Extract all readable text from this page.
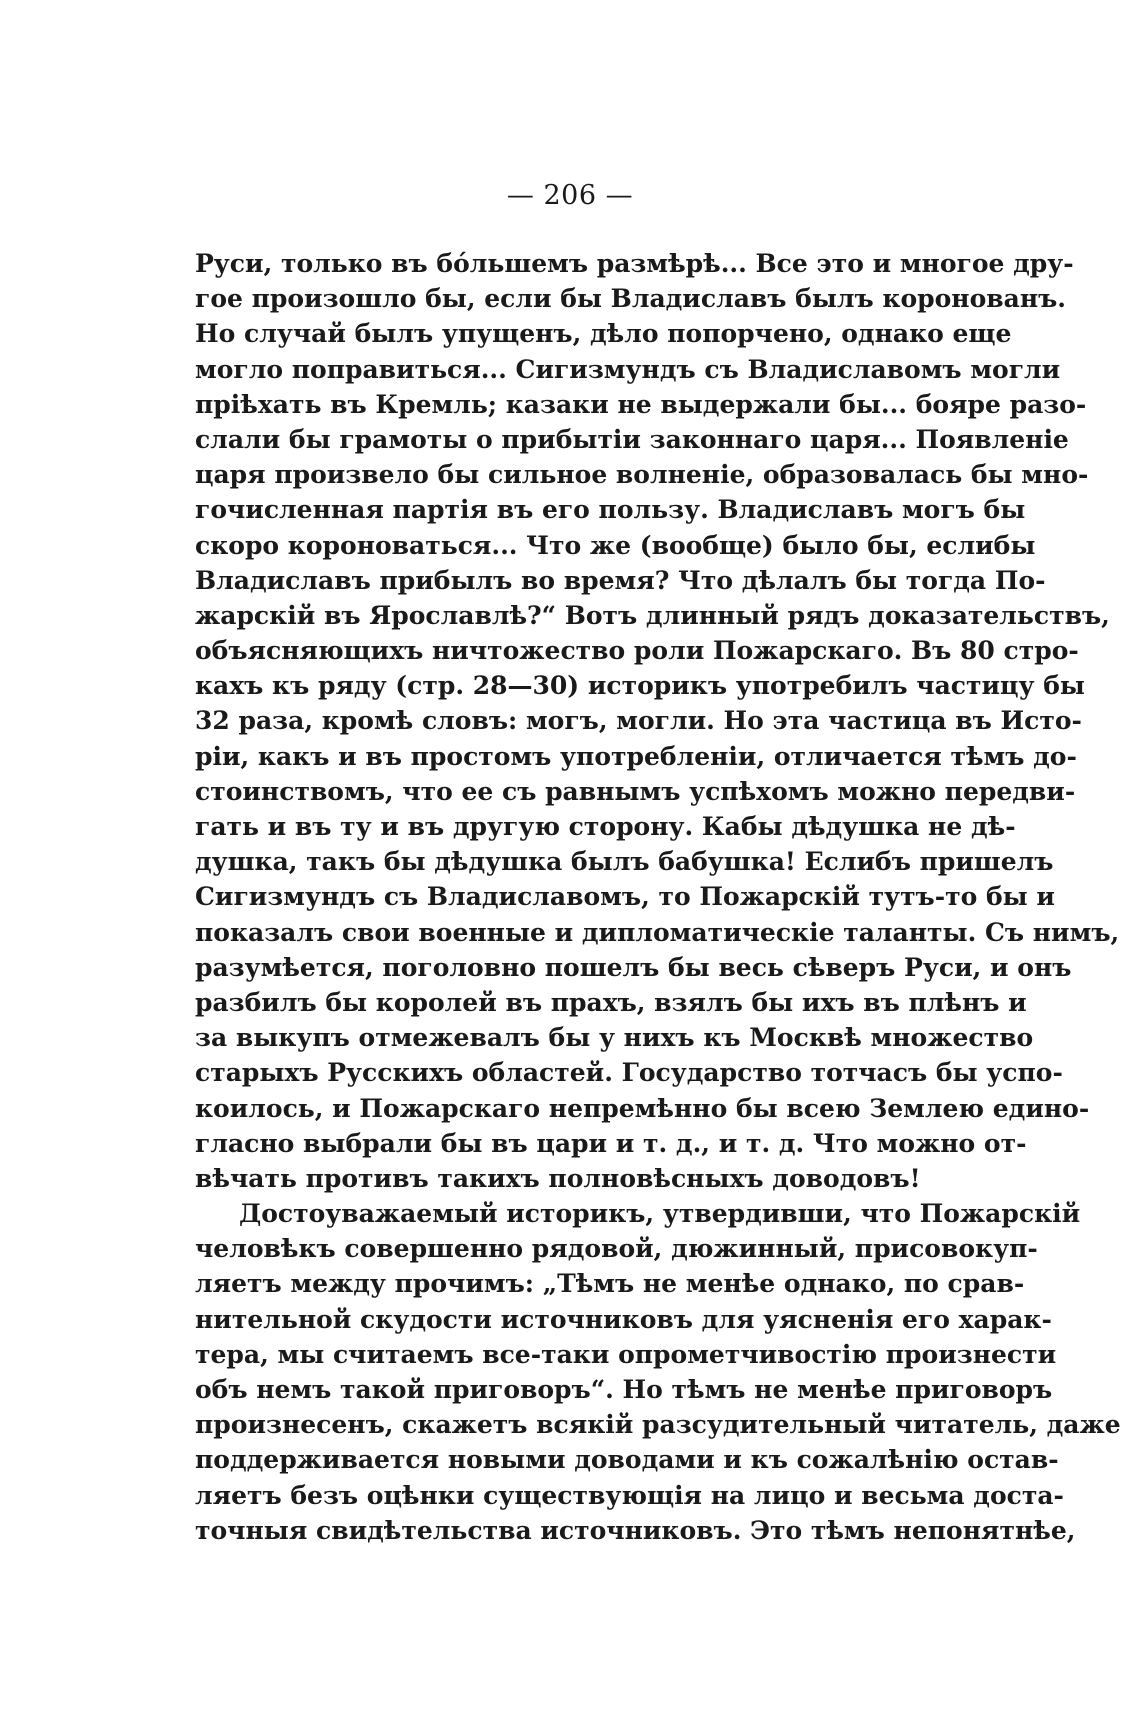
— 206 —
Руси, только въ бóльшемъ размѣрѣ... Все это и многое дру-
гое произошло бы, если бы Владиславъ былъ коронованъ.
Но случай былъ упущенъ, дѣло попорчено, однако еще
могло поправиться... Сигизмундъ съ Владиславомъ могли
пріѣхать въ Кремль; казаки не выдержали бы... бояре разо-
слали бы грамоты о прибытіи законнаго царя... Появленіе
царя произвело бы сильное волненіе, образовалась бы мно-
гочисленная партія въ его пользу. Владиславъ могъ бы
скоро короноваться... Что же (вообще) было бы, еслибы
Владиславъ прибылъ во время? Что дѣлалъ бы тогда По-
жарскій въ Ярославлѣ?“ Вотъ длинный рядъ доказательствъ,
объясняющихъ ничтожество роли Пожарскаго. Въ 80 стро-
кахъ къ ряду (стр. 28—30) историкъ употребилъ частицу бы
32 раза, кромѣ словъ: могъ, могли. Но эта частица въ Исто-
ріи, какъ и въ простомъ употребленіи, отличается тѣмъ до-
стоинствомъ, что ее съ равнымъ успѣхомъ можно передви-
гать и въ ту и въ другую сторону. Кабы дѣдушка не дѣ-
душка, такъ бы дѣдушка былъ бабушка! Еслибъ пришелъ
Сигизмундъ съ Владиславомъ, то Пожарскій тутъ-то бы и
показалъ свои военные и дипломатическіе таланты. Съ нимъ,
разумѣется, поголовно пошелъ бы весь сѣверъ Руси, и онъ
разбилъ бы королей въ прахъ, взялъ бы ихъ въ плѣнъ и
за выкупъ отмежевалъ бы у нихъ къ Москвѣ множество
старыхъ Русскихъ областей. Государство тотчасъ бы успо-
коилось, и Пожарскаго непремѣнно бы всею Землею едино-
гласно выбрали бы въ цари и т. д., и т. д. Что можно от-
вѣчать противъ такихъ полновѣсныхъ доводовъ!
Достоуважаемый историкъ, утвердивши, что Пожарскій
человѣкъ совершенно рядовой, дюжинный, присовокуп-
ляетъ между прочимъ: „Тѣмъ не менѣе однако, по срав-
нительной скудости источниковъ для уясненія его харак-
тера, мы считаемъ все-таки опрометчивостію произнести
объ немъ такой приговоръ“. Но тѣмъ не менѣе приговоръ
произнесенъ, скажетъ всякій разсудительный читатель, даже
поддерживается новыми доводами и къ сожалѣнію остав-
ляетъ безъ оцѣнки существующія на лицо и весьма доста-
точныя свидѣтельства источниковъ. Это тѣмъ непонятнѣе,
